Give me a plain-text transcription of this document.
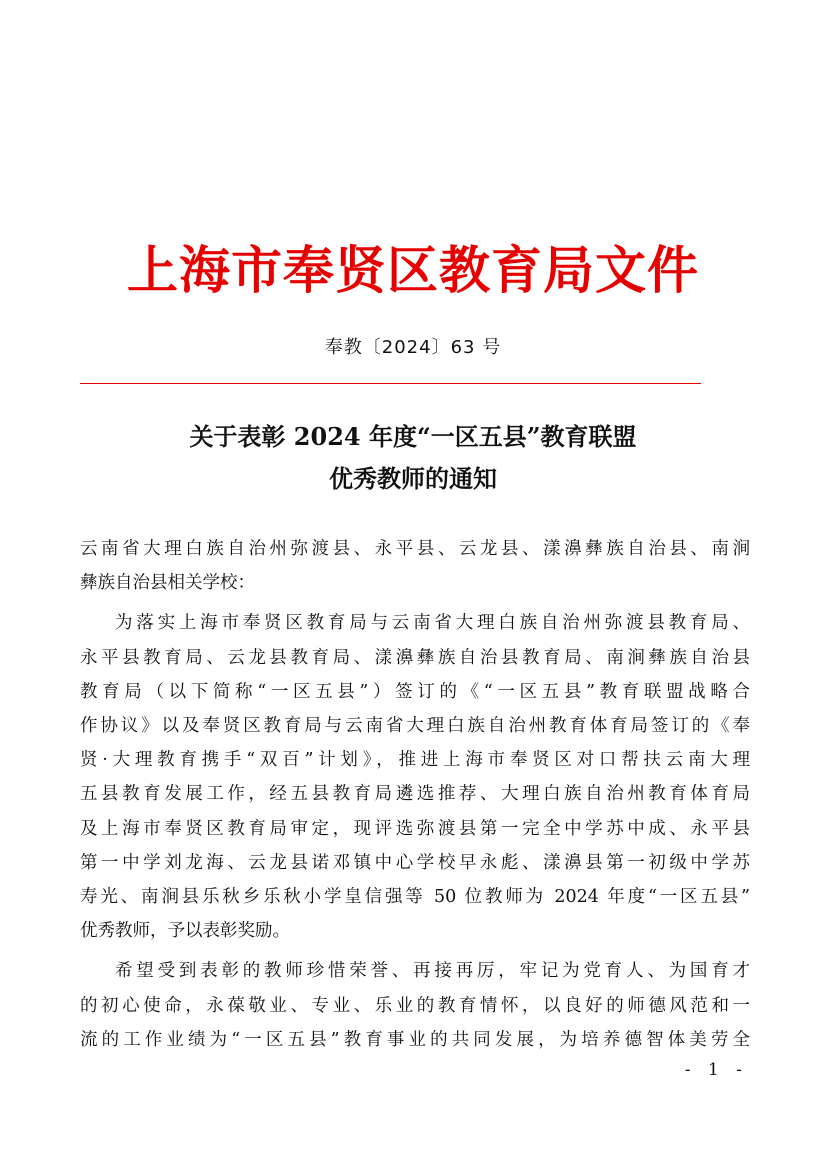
上海市奉贤区教育局文件
奉教〔2024〕63 号
关于表彰 2024 年度“一区五县”教育联盟
优秀教师的通知
云南省大理白族自治州弥渡县、永平县、云龙县、漾濞彝族自治县、南涧
彝族自治县相关学校：
为落实上海市奉贤区教育局与云南省大理白族自治州弥渡县教育局、
永平县教育局、云龙县教育局、漾濞彝族自治县教育局、南涧彝族自治县
教育局（以下简称“一区五县”）签订的《“一区五县”教育联盟战略合
作协议》以及奉贤区教育局与云南省大理白族自治州教育体育局签订的《奉
贤·大理教育携手“双百”计划》，推进上海市奉贤区对口帮扶云南大理
五县教育发展工作，经五县教育局遴选推荐、大理白族自治州教育体育局
及上海市奉贤区教育局审定，现评选弥渡县第一完全中学苏中成、永平县
第一中学刘龙海、云龙县诺邓镇中心学校早永彪、漾濞县第一初级中学苏
寿光、南涧县乐秋乡乐秋小学皇信强等 50 位教师为 2024 年度“一区五县”
优秀教师，予以表彰奖励。
希望受到表彰的教师珍惜荣誉、再接再厉，牢记为党育人、为国育才
的初心使命，永葆敬业、专业、乐业的教育情怀，以良好的师德风范和一
流的工作业绩为“一区五县”教育事业的共同发展，为培养德智体美劳全
- 1 -
